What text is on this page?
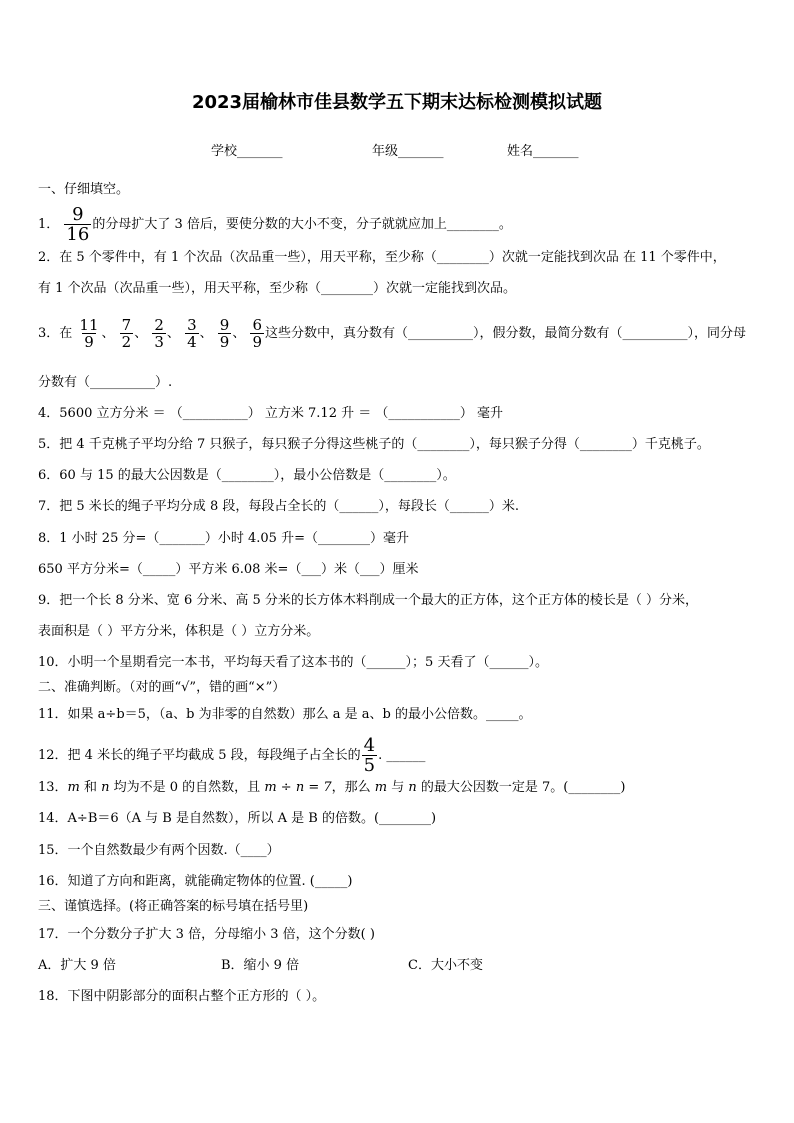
2023届榆林市佳县数学五下期末达标检测模拟试题
学校_______	年级_______	姓名_______
一、仔细填空。
1． $\frac{9}{16}$ 的分母扩大了 3 倍后，要使分数的大小不变，分子就就应加上________。
2．在 5 个零件中，有 1 个次品（次品重一些），用天平称，至少称（________）次就一定能找到次品 在 11 个零件中，
有 1 个次品（次品重一些），用天平称，至少称（________）次就一定能找到次品。
3．在 $\frac{11}{9}$ 、 $\frac{7}{2}$ 、 $\frac{2}{3}$ 、 $\frac{3}{4}$ 、 $\frac{9}{9}$ 、 $\frac{6}{9}$ 这些分数中，真分数有（__________），假分数，最简分数有（__________），同分母
分数有（__________）.
4．5600 立方分米 ＝ （__________） 立方米 7.12 升 ＝ （___________） 毫升
5．把 4 千克桃子平均分给 7 只猴子，每只猴子分得这些桃子的（________），每只猴子分得（________）千克桃子。
6．60 与 15 的最大公因数是（________），最小公倍数是（________）。
7．把 5 米长的绳子平均分成 8 段，每段占全长的（______），每段长（______）米.
8．1 小时 25 分=（_______）小时 4.05 升=（________）毫升
650 平方分米=（_____）平方米 6.08 米=（___）米（___）厘米
9．把一个长 8 分米、宽 6 分米、高 5 分米的长方体木料削成一个最大的正方体，这个正方体的棱长是（ ）分米，
表面积是（ ）平方分米，体积是（ ）立方分米。
10．小明一个星期看完一本书，平均每天看了这本书的（______）；5 天看了（______）。
二、准确判断。（对的画“√”，错的画“×”）
11．如果 a÷b＝5，（a、b 为非零的自然数）那么 a 是 a、b 的最小公倍数。_____。
12．把 4 米长的绳子平均截成 5 段，每段绳子占全长的 $\frac{4}{5}$ . ______
13．m 和 n 均为不是 0 的自然数，且 m ÷ n = 7，那么 m 与 n 的最大公因数一定是 7。(________)
14．A÷B＝6（A 与 B 是自然数），所以 A 是 B 的倍数。(________)
15．一个自然数最少有两个因数.（____）
16．知道了方向和距离，就能确定物体的位置. (_____)
三、谨慎选择。(将正确答案的标号填在括号里)
17．一个分数分子扩大 3 倍，分母缩小 3 倍，这个分数( )
A．扩大 9 倍	B．缩小 9 倍	C．大小不变
18．下图中阴影部分的面积占整个正方形的（ ）。
